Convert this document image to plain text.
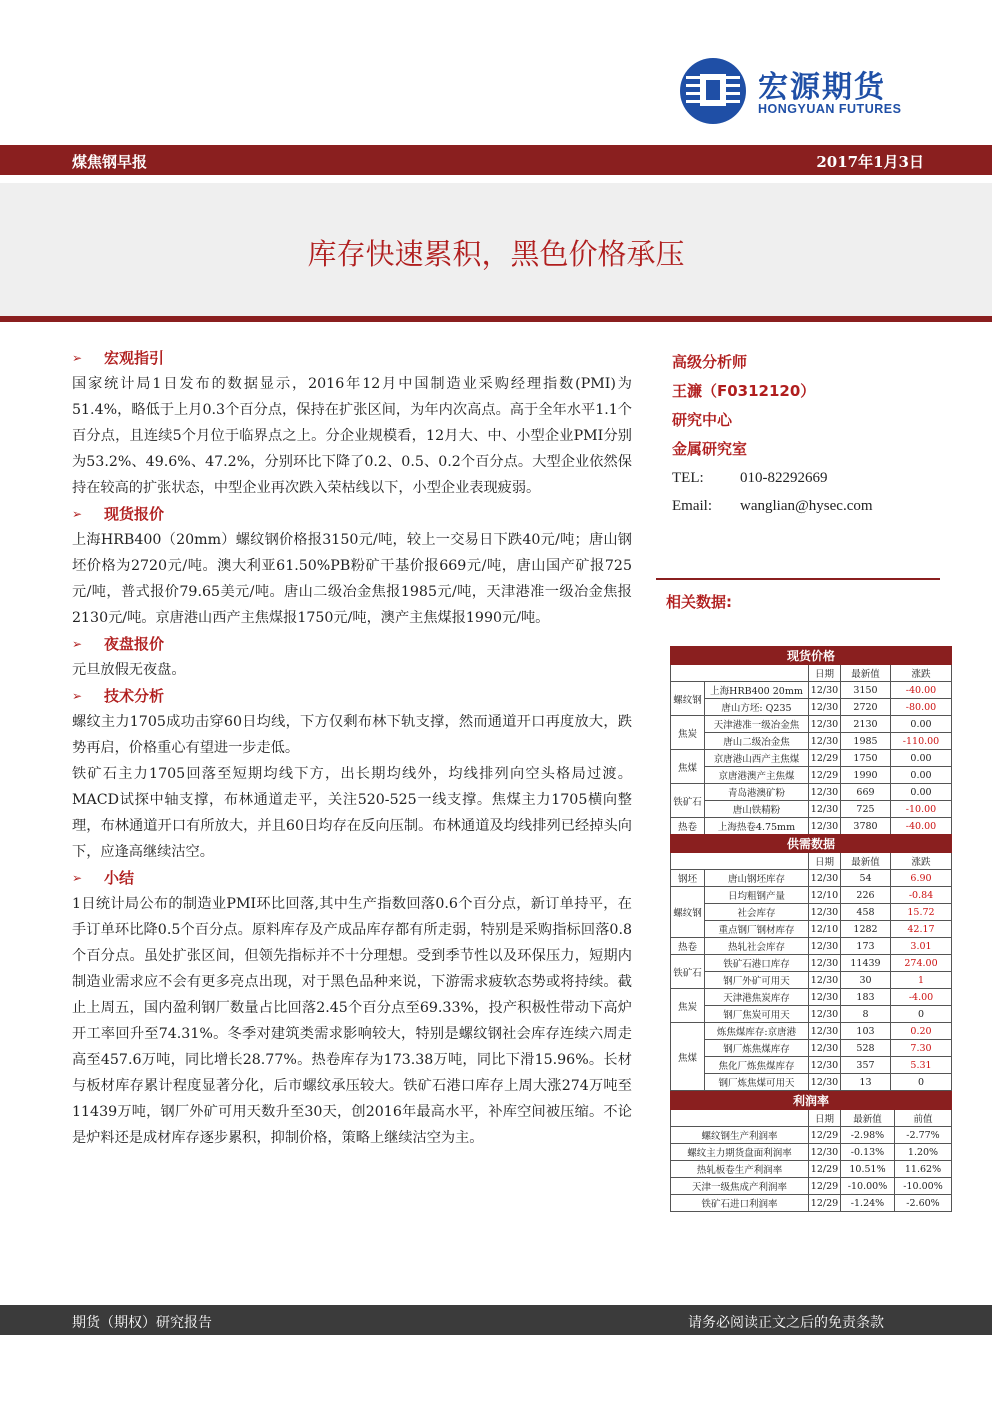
宏源期货
HONGYUAN FUTURES
煤焦钢早报	2017年1月3日
库存快速累积，黑色价格承压
➢	宏观指引

国家统计局1日发布的数据显示，2016年12月中国制造业采购经理指数(PMI)为51.4%，略低于上月0.3个百分点，保持在扩张区间，为年内次高点。高于全年水平1.1个百分点，且连续5个月位于临界点之上。分企业规模看，12月大、中、小型企业PMI分别为53.2%、49.6%、47.2%，分别环比下降了0.2、0.5、0.2个百分点。大型企业依然保持在较高的扩张状态，中型企业再次跌入荣枯线以下，小型企业表现疲弱。

➢	现货报价

上海HRB400（20mm）螺纹钢价格报3150元/吨，较上一交易日下跌40元/吨；唐山钢坯价格为2720元/吨。澳大利亚61.50%PB粉矿干基价报669元/吨，唐山国产矿报725元/吨，普式报价79.65美元/吨。唐山二级冶金焦报1985元/吨，天津港准一级冶金焦报2130元/吨。京唐港山西产主焦煤报1750元/吨，澳产主焦煤报1990元/吨。

➢	夜盘报价

元旦放假无夜盘。

➢	技术分析

螺纹主力1705成功击穿60日均线，下方仅剩布林下轨支撑，然而通道开口再度放大，跌势再启，价格重心有望进一步走低。

铁矿石主力1705回落至短期均线下方，出长期均线外，均线排列向空头格局过渡。MACD试探中轴支撑，布林通道走平，关注520-525一线支撑。焦煤主力1705横向整理，布林通道开口有所放大，并且60日均存在反向压制。布林通道及均线排列已经掉头向下，应逢高继续沽空。

➢	小结

1日统计局公布的制造业PMI环比回落,其中生产指数回落0.6个百分点，新订单持平，在手订单环比降0.5个百分点。原料库存及产成品库存都有所走弱，特别是采购指标回落0.8个百分点。虽处扩张区间，但领先指标并不十分理想。受到季节性以及环保压力，短期内制造业需求应不会有更多亮点出现，对于黑色品种来说，下游需求疲软态势或将持续。截止上周五，国内盈利钢厂数量占比回落2.45个百分点至69.33%，投产积极性带动下高炉开工率回升至74.31%。冬季对建筑类需求影响较大，特别是螺纹钢社会库存连续六周走高至457.6万吨，同比增长28.77%。热卷库存为173.38万吨，同比下滑15.96%。长材与板材库存累计程度显著分化，后市螺纹承压较大。铁矿石港口库存上周大涨274万吨至11439万吨，钢厂外矿可用天数升至30天，创2016年最高水平，补库空间被压缩。不论是炉料还是成材库存逐步累积，抑制价格，策略上继续沽空为主。

高级分析师
王濂（F0312120）
研究中心
金属研究室
TEL:	010-82292669
Email:	wanglian@hysec.com
相关数据:
现货价格				
		日期	最新值	涨跌
螺纹钢	上海HRB400 20mm	12/30	3150	-40.00
	唐山方坯: Q235	12/30	2720	-80.00
焦炭	天津港准一级冶金焦	12/30	2130	0.00
	唐山二级冶金焦	12/30	1985	-110.00
焦煤	京唐港山西产主焦煤	12/29	1750	0.00
	京唐港澳产主焦煤	12/29	1990	0.00
铁矿石	青岛港澳矿粉	12/30	669	0.00
	唐山铁精粉	12/30	725	-10.00
热卷	上海热卷4.75mm	12/30	3780	-40.00
供需数据				
		日期	最新值	涨跌
钢坯	唐山钢坯库存	12/30	54	6.90
螺纹钢	日均粗钢产量	12/10	226	-0.84
	社会库存	12/30	458	15.72
	重点钢厂钢材库存	12/10	1282	42.17
热卷	热轧社会库存	12/30	173	3.01
铁矿石	铁矿石港口库存	12/30	11439	274.00
	钢厂外矿可用天	12/30	30	1
焦炭	天津港焦炭库存	12/30	183	-4.00
	钢厂焦炭可用天	12/30	8	0
焦煤	炼焦煤库存:京唐港	12/30	103	0.20
	钢厂炼焦煤库存	12/30	528	7.30
	焦化厂炼焦煤库存	12/30	357	5.31
	钢厂炼焦煤可用天	12/30	13	0
利润率			
	日期	最新值	前值
螺纹钢生产利润率	12/29	-2.98%	-2.77%
螺纹主力期货盘面利润率	12/30	-0.13%	1.20%
热轧板卷生产利润率	12/29	10.51%	11.62%
天津一级焦成产利润率	12/29	-10.00%	-10.00%
铁矿石进口利润率	12/29	-1.24%	-2.60%
期货（期权）研究报告	请务必阅读正文之后的免责条款
